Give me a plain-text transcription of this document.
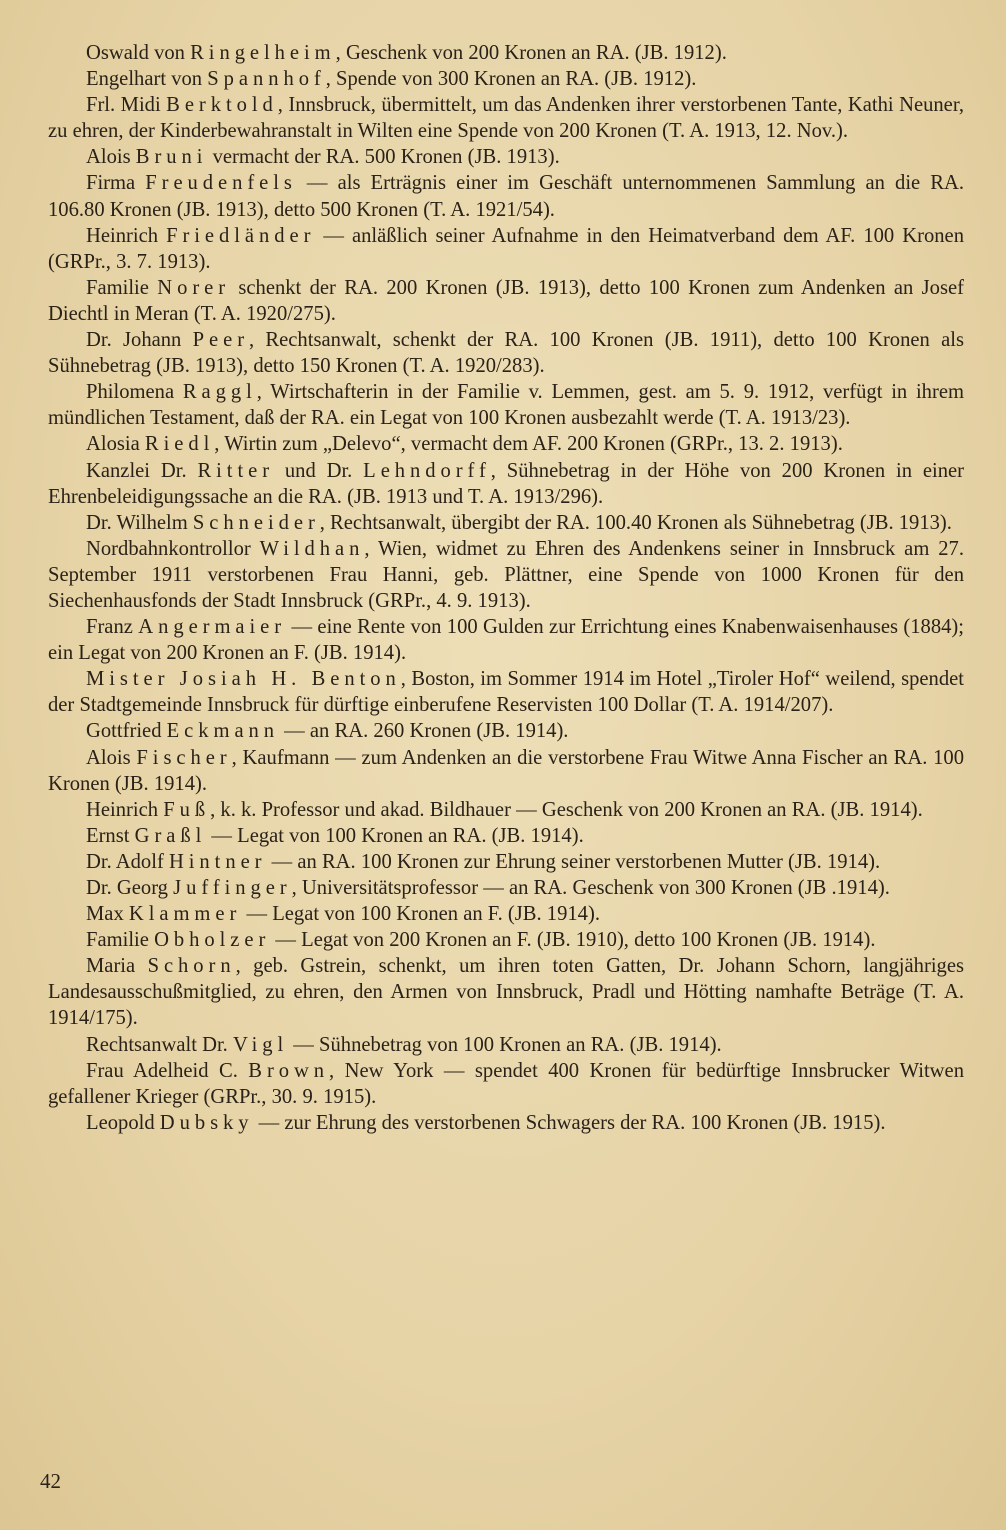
Oswald von Ringelheim, Geschenk von 200 Kronen an RA. (JB. 1912).

Engelhart von Spannhof, Spende von 300 Kronen an RA. (JB. 1912).

Frl. Midi Berktold, Innsbruck, übermittelt, um das Andenken ihrer verstorbenen Tante, Kathi Neuner, zu ehren, der Kinderbewahranstalt in Wilten eine Spende von 200 Kronen (T. A. 1913, 12. Nov.).

Alois Bruni vermacht der RA. 500 Kronen (JB. 1913).

Firma Freudenfels — als Erträgnis einer im Geschäft unternommenen Sammlung an die RA. 106.80 Kronen (JB. 1913), detto 500 Kronen (T. A. 1921/54).

Heinrich Friedländer — anläßlich seiner Aufnahme in den Heimatverband dem AF. 100 Kronen (GRPr., 3. 7. 1913).

Familie Norer schenkt der RA. 200 Kronen (JB. 1913), detto 100 Kronen zum Andenken an Josef Diechtl in Meran (T. A. 1920/275).

Dr. Johann Peer, Rechtsanwalt, schenkt der RA. 100 Kronen (JB. 1911), detto 100 Kronen als Sühnebetrag (JB. 1913), detto 150 Kronen (T. A. 1920/283).

Philomena Raggl, Wirtschafterin in der Familie v. Lemmen, gest. am 5. 9. 1912, verfügt in ihrem mündlichen Testament, daß der RA. ein Legat von 100 Kronen ausbezahlt werde (T. A. 1913/23).

Alosia Riedl, Wirtin zum „Delevo“, vermacht dem AF. 200 Kronen (GRPr., 13. 2. 1913).

Kanzlei Dr. Ritter und Dr. Lehndorff, Sühnebetrag in der Höhe von 200 Kronen in einer Ehrenbeleidigungssache an die RA. (JB. 1913 und T. A. 1913/296).

Dr. Wilhelm Schneider, Rechtsanwalt, übergibt der RA. 100.40 Kronen als Sühnebetrag (JB. 1913).

Nordbahnkontrollor Wildhan, Wien, widmet zu Ehren des Andenkens seiner in Innsbruck am 27. September 1911 verstorbenen Frau Hanni, geb. Plättner, eine Spende von 1000 Kronen für den Siechenhausfonds der Stadt Innsbruck (GRPr., 4. 9. 1913).

Franz Angermaier — eine Rente von 100 Gulden zur Errichtung eines Knabenwaisenhauses (1884); ein Legat von 200 Kronen an F. (JB. 1914).

Mister Josiah H. Benton, Boston, im Sommer 1914 im Hotel „Tiroler Hof“ weilend, spendet der Stadtgemeinde Innsbruck für dürftige einberufene Reservisten 100 Dollar (T. A. 1914/207).

Gottfried Eckmann — an RA. 260 Kronen (JB. 1914).

Alois Fischer, Kaufmann — zum Andenken an die verstorbene Frau Witwe Anna Fischer an RA. 100 Kronen (JB. 1914).

Heinrich Fuß, k. k. Professor und akad. Bildhauer — Geschenk von 200 Kronen an RA. (JB. 1914).

Ernst Graßl — Legat von 100 Kronen an RA. (JB. 1914).

Dr. Adolf Hintner — an RA. 100 Kronen zur Ehrung seiner verstorbenen Mutter (JB. 1914).

Dr. Georg Juffinger, Universitätsprofessor — an RA. Geschenk von 300 Kronen (JB .1914).

Max Klammer — Legat von 100 Kronen an F. (JB. 1914).

Familie Obholzer — Legat von 200 Kronen an F. (JB. 1910), detto 100 Kronen (JB. 1914).

Maria Schorn, geb. Gstrein, schenkt, um ihren toten Gatten, Dr. Johann Schorn, langjähriges Landesausschußmitglied, zu ehren, den Armen von Innsbruck, Pradl und Hötting namhafte Beträge (T. A. 1914/175).

Rechtsanwalt Dr. Vigl — Sühnebetrag von 100 Kronen an RA. (JB. 1914).

Frau Adelheid C. Brown, New York — spendet 400 Kronen für bedürftige Innsbrucker Witwen gefallener Krieger (GRPr., 30. 9. 1915).

Leopold Dubsky — zur Ehrung des verstorbenen Schwagers der RA. 100 Kronen (JB. 1915).

42
